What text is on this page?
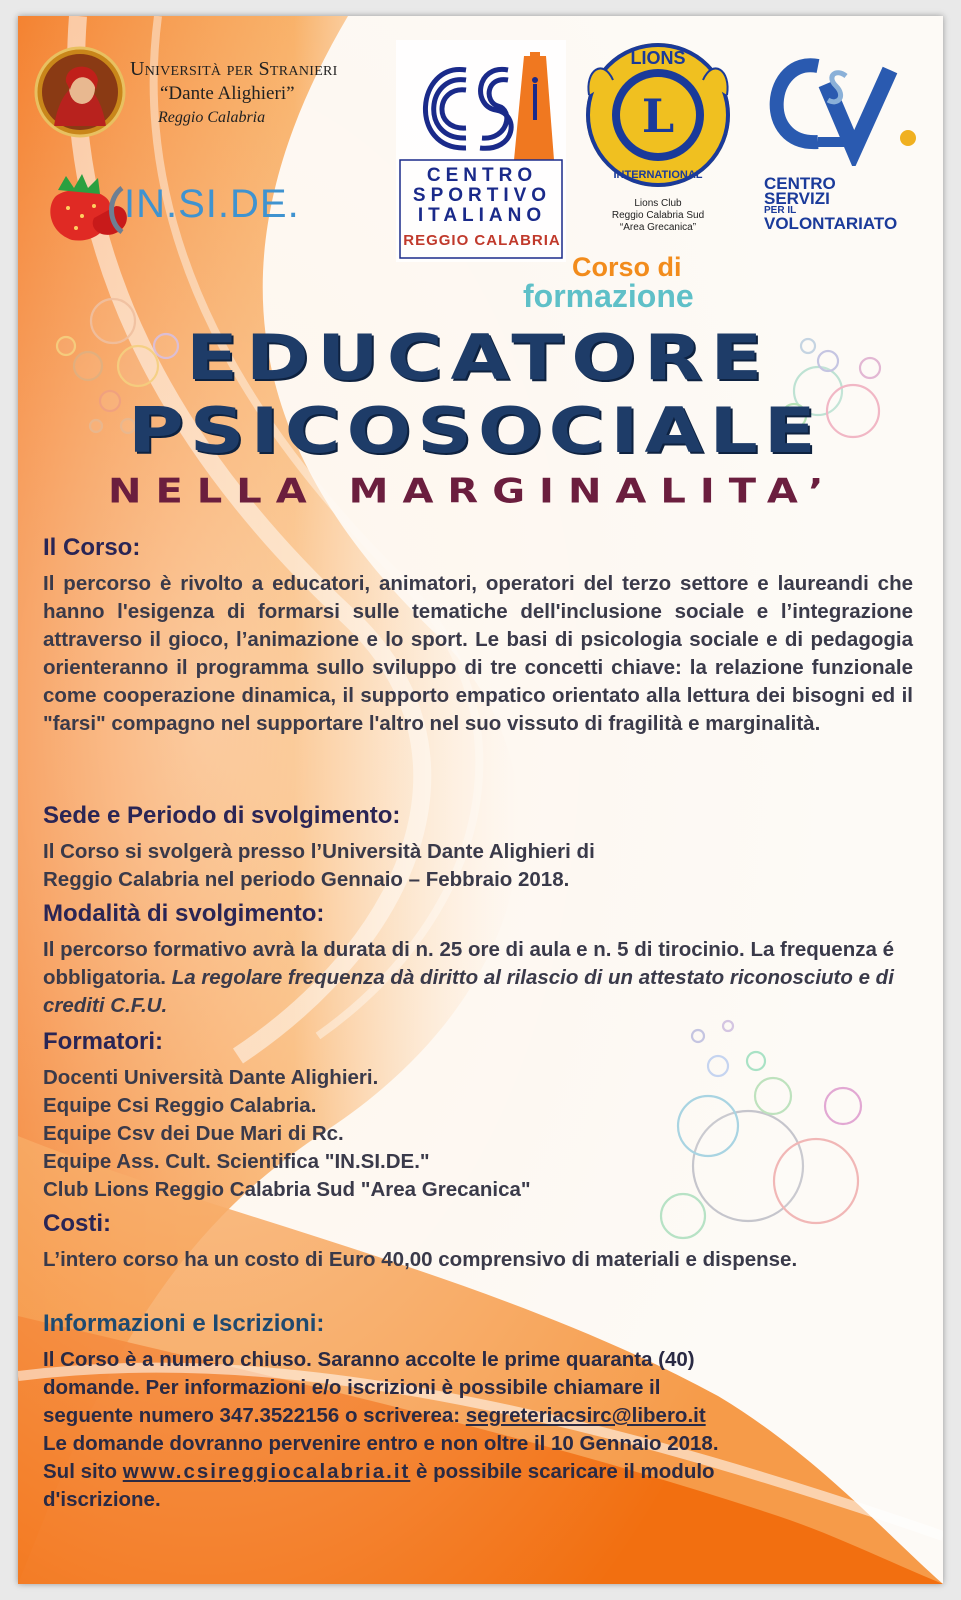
Università per Stranieri
“Dante Alighieri”
Reggio Calabria
IN.SI.DE.
CENTRO
SPORTIVO
ITALIANO
REGGIO CALABRIA
L
LIONS
INTERNATIONAL
Lions Club
Reggio Calabria Sud
“Area Grecanica”
CENTRO
SERVIZI
PER IL
VOLONTARIATO
Corso di
formazione
EDUCATORE
PSICOSOCIALE
NELLA MARGINALITA’
Il Corso:
Il percorso è rivolto a educatori, animatori, operatori del terzo settore e laureandi che hanno l'esigenza di formarsi sulle tematiche dell'inclusione sociale e l’integrazione attraverso il gioco, l’animazione e lo sport. Le basi di psicologia sociale e di pedagogia orienteranno il programma sullo sviluppo di tre concetti chiave: la relazione funzionale come cooperazione dinamica, il supporto empatico orientato alla lettura dei bisogni ed il "farsi" compagno nel supportare l'altro nel suo vissuto di fragilità e marginalità.
Sede e Periodo di svolgimento:
Il Corso si svolgerà presso l’Università Dante Alighieri di
Reggio Calabria nel periodo Gennaio – Febbraio 2018.
Modalità di svolgimento:
Il percorso formativo avrà la durata di n. 25 ore di aula e n. 5 di tirocinio. La frequenza é obbligatoria. La regolare frequenza dà diritto al rilascio di un attestato riconosciuto e di crediti C.F.U.
Formatori:
Docenti Università Dante Alighieri.
Equipe Csi Reggio Calabria.
Equipe Csv dei Due Mari di Rc.
Equipe Ass. Cult. Scientifica "IN.SI.DE."
Club Lions Reggio Calabria Sud "Area Grecanica"
Costi:
L’intero corso ha un costo di Euro 40,00 comprensivo di materiali e dispense.
Informazioni e Iscrizioni:
Il Corso è a numero chiuso. Saranno accolte le prime quaranta (40)
domande. Per informazioni e/o iscrizioni è possibile chiamare il
seguente numero 347.3522156 o scriverea: segreteriacsirc@libero.it
Le domande dovranno pervenire entro e non oltre il 10 Gennaio 2018.
Sul sito www.csireggiocalabria.it è possibile scaricare il modulo
d'iscrizione.
